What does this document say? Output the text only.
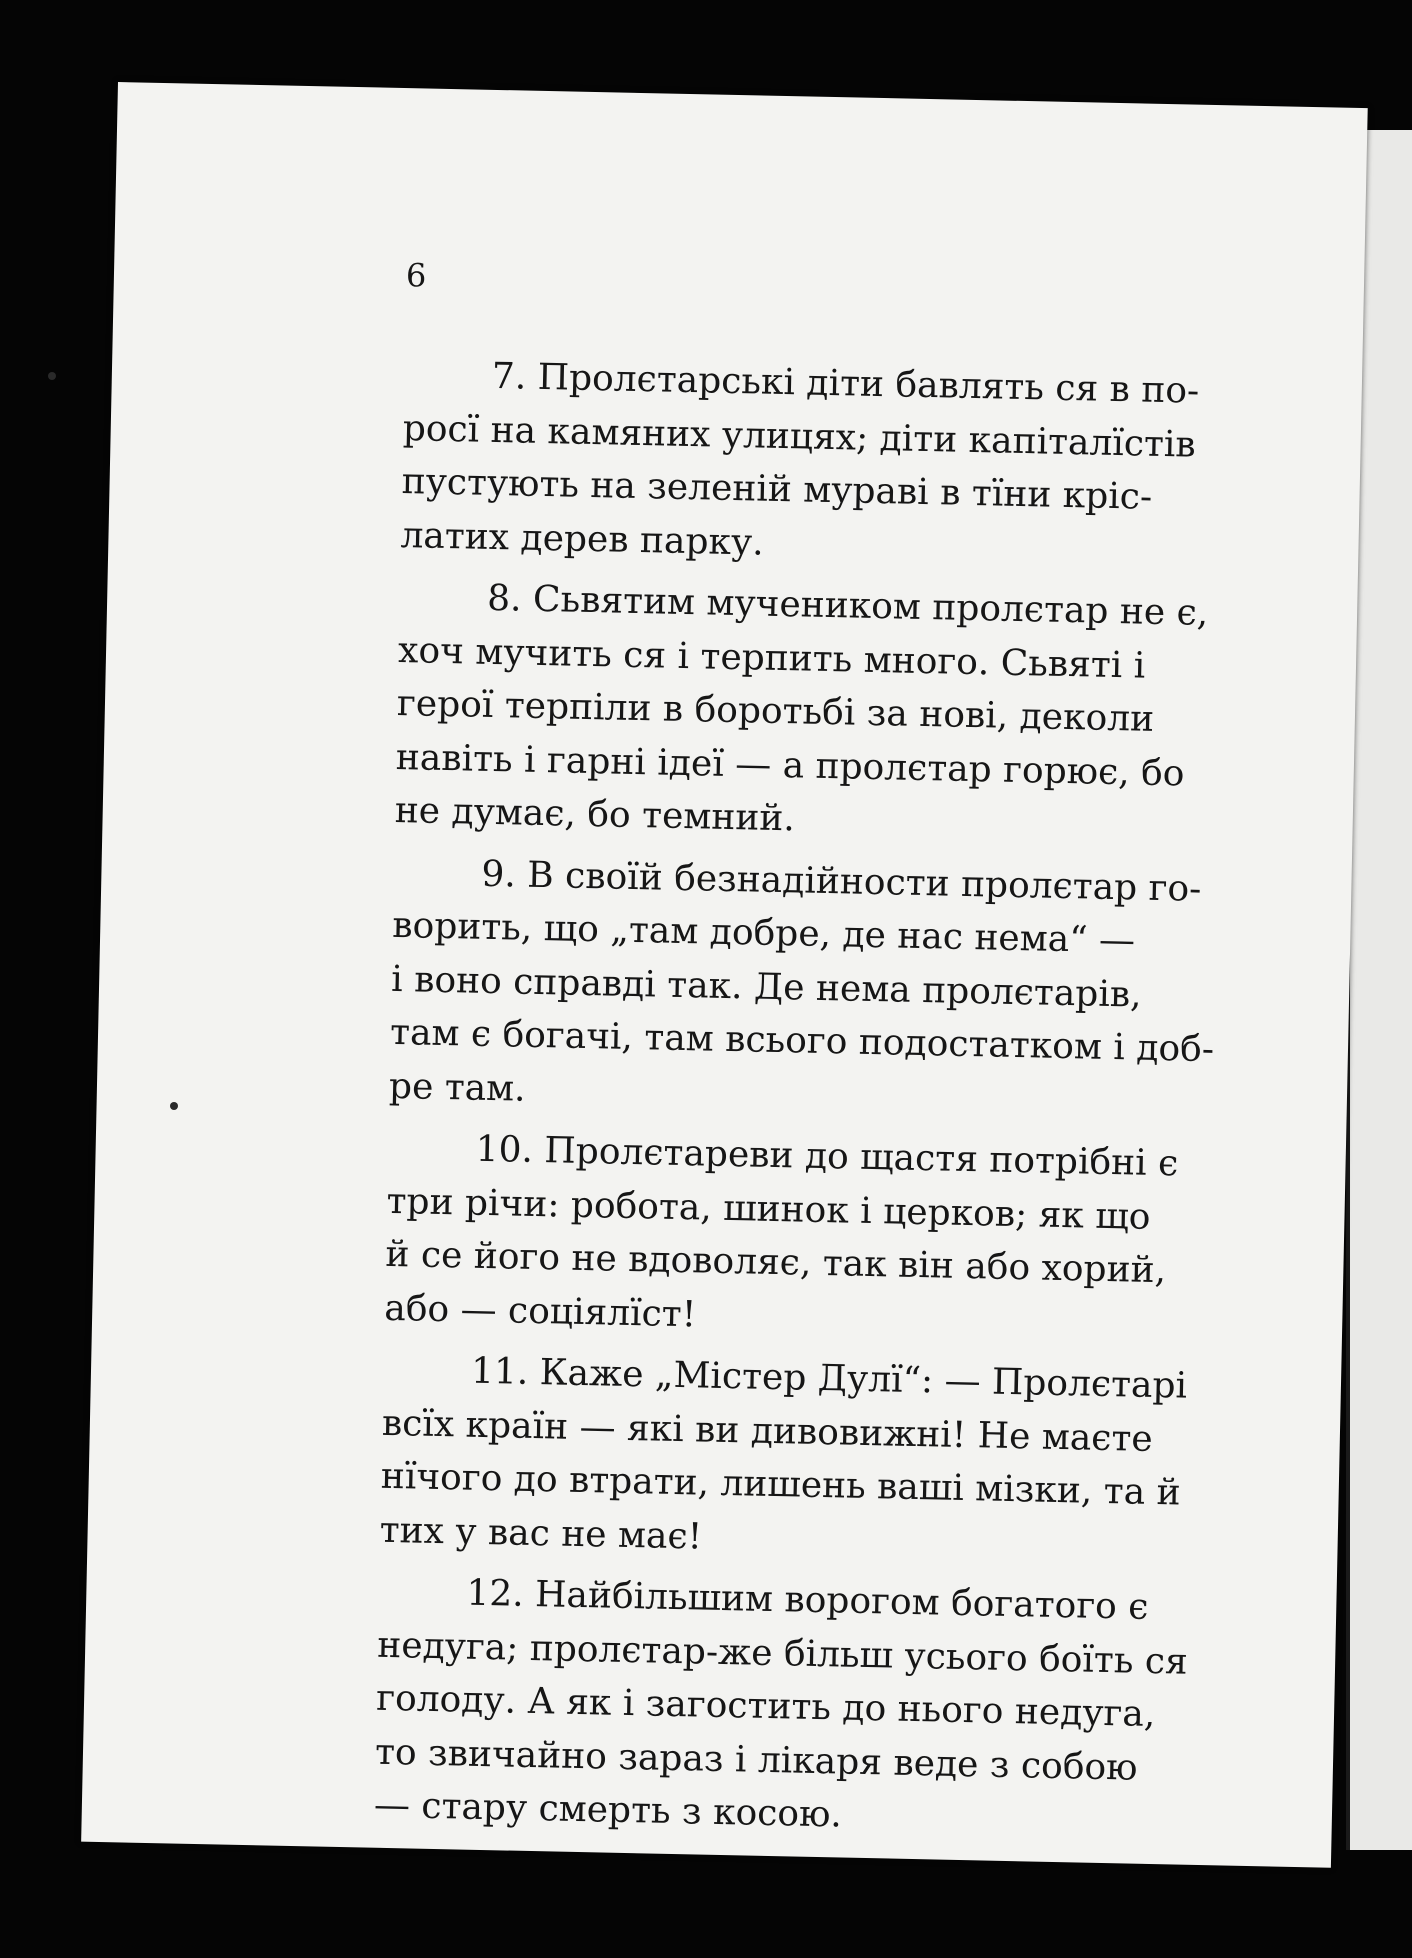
6

7. Пролєтарські діти бавлять ся в по-
росї на камяних улицях; діти капіталїстів
пустують на зеленій мураві в тїни кріс-
латих дерев парку.

8. Сьвятим мучеником пролєтар не є,
хоч мучить ся і терпить много. Сьвяті і
герої терпіли в боротьбі за нові, деколи
навіть і гарні ідеї — а пролєтар горює, бо
не думає, бо темний.

9. В своїй безнадійности пролєтар го-
ворить, що „там добре, де нас нема“ —
і воно справді так. Де нема пролєтарів,
там є богачі, там всього подостатком і доб-
ре там.

10. Пролєтареви до щастя потрібні є
три річи: робота, шинок і церков; як що
й се його не вдоволяє, так він або хорий,
або — соціялїст!

11. Каже „Містер Дулї“: — Пролєтарі
всїх країн — які ви дивовижні! Не маєте
нїчого до втрати, лишень ваші мізки, та й
тих у вас не має!

12. Найбільшим ворогом богатого є
недуга; пролєтар-же більш усього боїть ся
голоду. А як і загостить до нього недуга,
то звичайно зараз і лікаря веде з собою
— стару смерть з косою.
